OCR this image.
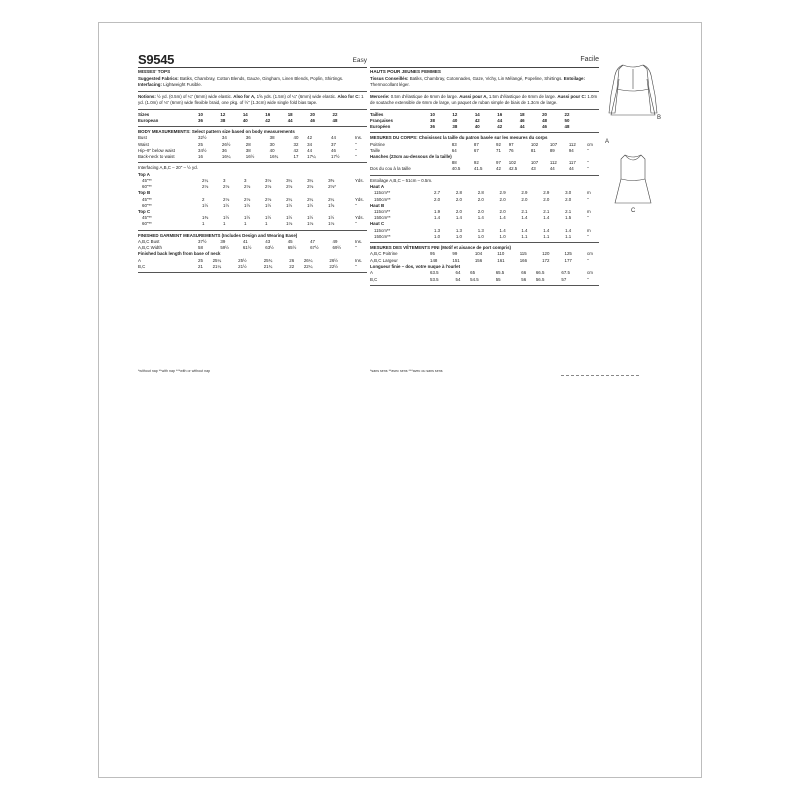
S9545	Easy
MISSES' TOPS

Suggested Fabrics: Batiks, Chambray, Cotton Blends, Gauze, Gingham, Linen Blends, Poplin, Shirtings. Interfacing: Lightweight Fusible.

Notions: ½ yd. (0.5m) of ¼" (6mm) wide elastic. Also for A, 1⅝ yds. (1.5m) of ¼" (6mm) wide elastic. Also for C: 1 yd. (1.0m) of ⅛" (6mm) wide flexible braid, one pkg. of ½" (1.3cm) wide single fold bias tape.

Sizes	10	12	14	16	18	20	22	
European	36	38	40	42	44	46	48	
BODY MEASUREMENTS: Select pattern size based on body measurements
Bust	32½	34	36	38	40	42	44	Ins.
Waist	25	26½	28	30	32	34	37	"
Hip–9" below waist	34½	36	38	40	42	44	46	"
Back-neck to waist	16	16¼	16½	16¾	17	17¼	17½	"
Interfacing A,B,C – 20" – ½ yd.
Top A								
45"**	2¼	3	3	3⅛	3¼	3¼	3⅜	Yds.
60"**	2⅛	2⅛	2⅛	2⅛	2⅛	2⅛	2⅛*	
Top B								
45"**	2	2⅛	2⅛	2⅛	2¼	2¼	2¼	Yds.
60"**	1½	1½	1½	1½	1½	1½	1⅝	"
Top C								
45"**	1⅜	1½	1½	1½	1½	1½	1½	Yds.
60"**	1	1	1	1	1⅛	1⅛	1⅛	"
FINISHED GARMENT MEASUREMENTS (Includes Design and Wearing Ease)
A,B,C Bust	37½	39	41	43	45	47	49	Ins.
A,B,C Width	58	59½	61½	63½	65½	67½	69½	"
Finished back length from base of neck
A	25	25¼	25½	25¾	26	26¼	26½	Ins.
B,C	21	21¼	21½	21¾	22	22¼	22½	"
Facile
HAUTS POUR JEUNES FEMMES

Tissus Conseillés: Batiks, Chambray, Cotonnades, Gaze, Vichy, Lin Mélangé, Popeline, Shirtings. Entoilage: Thermocollant léger.

Mercerie: 0.5m d'élastique de 6mm de large. Aussi pour A, 1.5m d'élastique de 6mm de large. Aussi pour C: 1.0m de soutache extensible de 6mm de large, un paquet de ruban simple de biais de 1.3cm de large.

Tailles	10	12	14	16	18	20	22	
Françaises	38	40	42	44	46	48	50	
Européen	36	38	40	42	44	46	48	
MESURES DU CORPS: Choisissez la taille du patron basée sur les mesures du corps
Poitrine	83	87	92	97	102	107	112	cm
Taille	64	67	71	76	81	89	94	"
Hanches (23cm au-dessous de la taille)								
	88	92	97	102	107	112	117	"
Dos du cou à la taille	40.5	41.5	42	42.5	43	44	44	"
Entoilage A,B,C – 51cm – 0.5m.
Haut A								
115cm**	2.7	2.8	2.8	2.9	2.9	2.9	3.0	m
150cm**	2.0	2.0	2.0	2.0	2.0	2.0	2.0	"
Haut B								
115cm**	1.9	2.0	2.0	2.0	2.1	2.1	2.1	m
150cm**	1.4	1.4	1.4	1.4	1.4	1.4	1.5	"
Haut C								
115cm**	1.3	1.3	1.3	1.4	1.4	1.4	1.4	m
150cm**	1.0	1.0	1.0	1.0	1.1	1.1	1.1	"
MESURES DES VÊTEMENTS FINI (Motif et aisance de port compris)
A,B,C Poitrine	95	99	104	110	115	120	125	cm
A,B,C Largeur	148	151	156	161	166	172	177	"
Longueur finie – dos, votre nuque à l'ourlet
A	63.5	64	65	65.5	66	66.5	67.5	cm
B,C	53.5	54	54.5	55	56	56.5	57	"
*without nap **with nap ***with or without nap	*sans sens **avec sens ***avec ou sans sens
A
B
C
